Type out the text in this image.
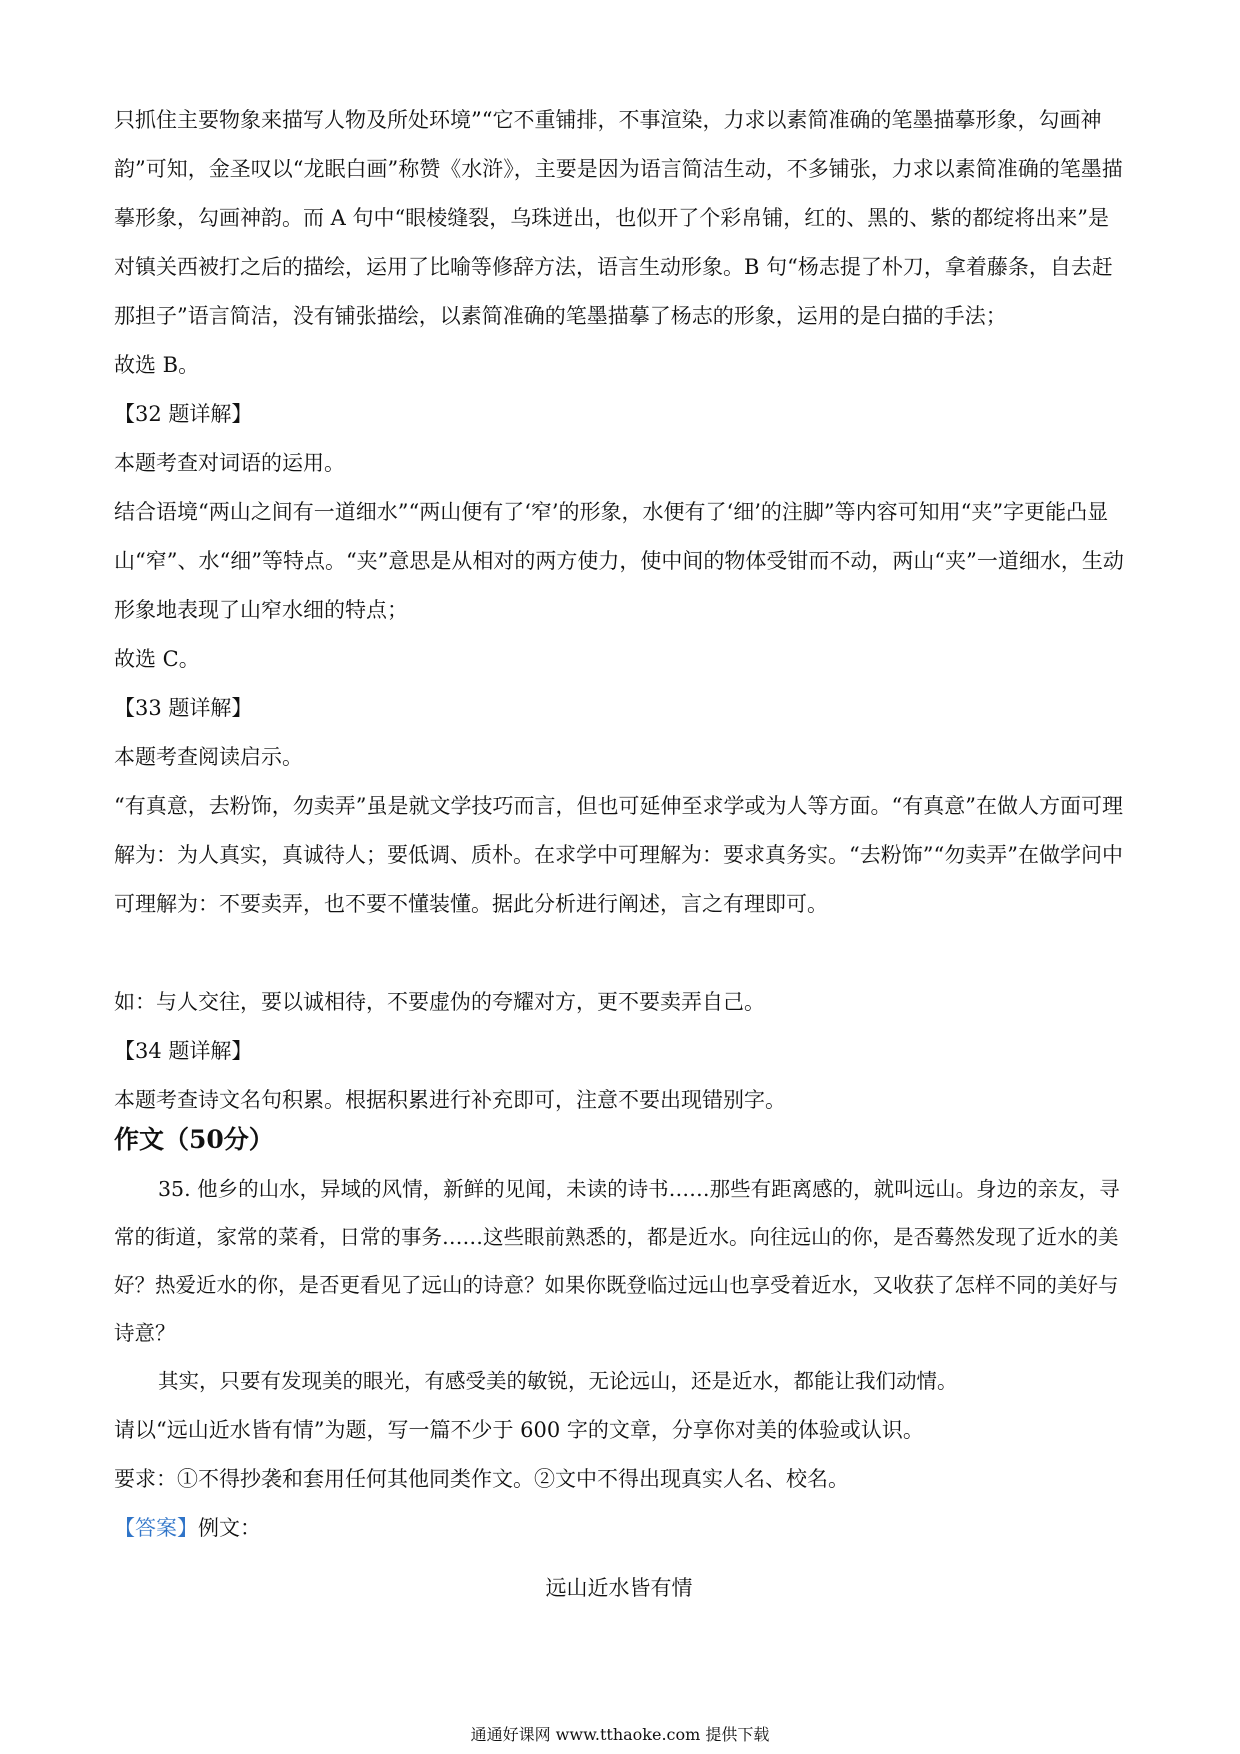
只抓住主要物象来描写人物及所处环境”“它不重铺排，不事渲染，力求以素简准确的笔墨描摹形象，勾画神韵”可知，金圣叹以“龙眠白画”称赞《水浒》，主要是因为语言简洁生动，不多铺张，力求以素简准确的笔墨描摹形象，勾画神韵。而 A 句中“眼棱缝裂，乌珠迸出，也似开了个彩帛铺，红的、黑的、紫的都绽将出来”是对镇关西被打之后的描绘，运用了比喻等修辞方法，语言生动形象。B 句“杨志提了朴刀，拿着藤条，自去赶那担子”语言简洁，没有铺张描绘，以素简准确的笔墨描摹了杨志的形象，运用的是白描的手法；

故选 B。

【32 题详解】

本题考查对词语的运用。

结合语境“两山之间有一道细水”“两山便有了‘窄’的形象，水便有了‘细’的注脚”等内容可知用“夹”字更能凸显山“窄”、水“细”等特点。“夹”意思是从相对的两方使力，使中间的物体受钳而不动，两山“夹”一道细水，生动形象地表现了山窄水细的特点；

故选 C。

【33 题详解】

本题考查阅读启示。

“有真意，去粉饰，勿卖弄”虽是就文学技巧而言，但也可延伸至求学或为人等方面。“有真意”在做人方面可理解为：为人真实，真诚待人；要低调、质朴。在求学中可理解为：要求真务实。“去粉饰”“勿卖弄”在做学问中可理解为：不要卖弄，也不要不懂装懂。据此分析进行阐述，言之有理即可。

如：与人交往，要以诚相待，不要虚伪的夸耀对方，更不要卖弄自己。

【34 题详解】

本题考查诗文名句积累。根据积累进行补充即可，注意不要出现错别字。

作文（50分）

35. 他乡的山水，异域的风情，新鲜的见闻，未读的诗书……那些有距离感的，就叫远山。身边的亲友，寻常的街道，家常的菜肴，日常的事务……这些眼前熟悉的，都是近水。向往远山的你，是否蓦然发现了近水的美好？热爱近水的你，是否更看见了远山的诗意？如果你既登临过远山也享受着近水，又收获了怎样不同的美好与诗意？

其实，只要有发现美的眼光，有感受美的敏锐，无论远山，还是近水，都能让我们动情。

请以“远山近水皆有情”为题，写一篇不少于 600 字的文章，分享你对美的体验或认识。

要求：①不得抄袭和套用任何其他同类作文。②文中不得出现真实人名、校名。

【答案】例文：

远山近水皆有情

通通好课网 www.tthaoke.com 提供下载
